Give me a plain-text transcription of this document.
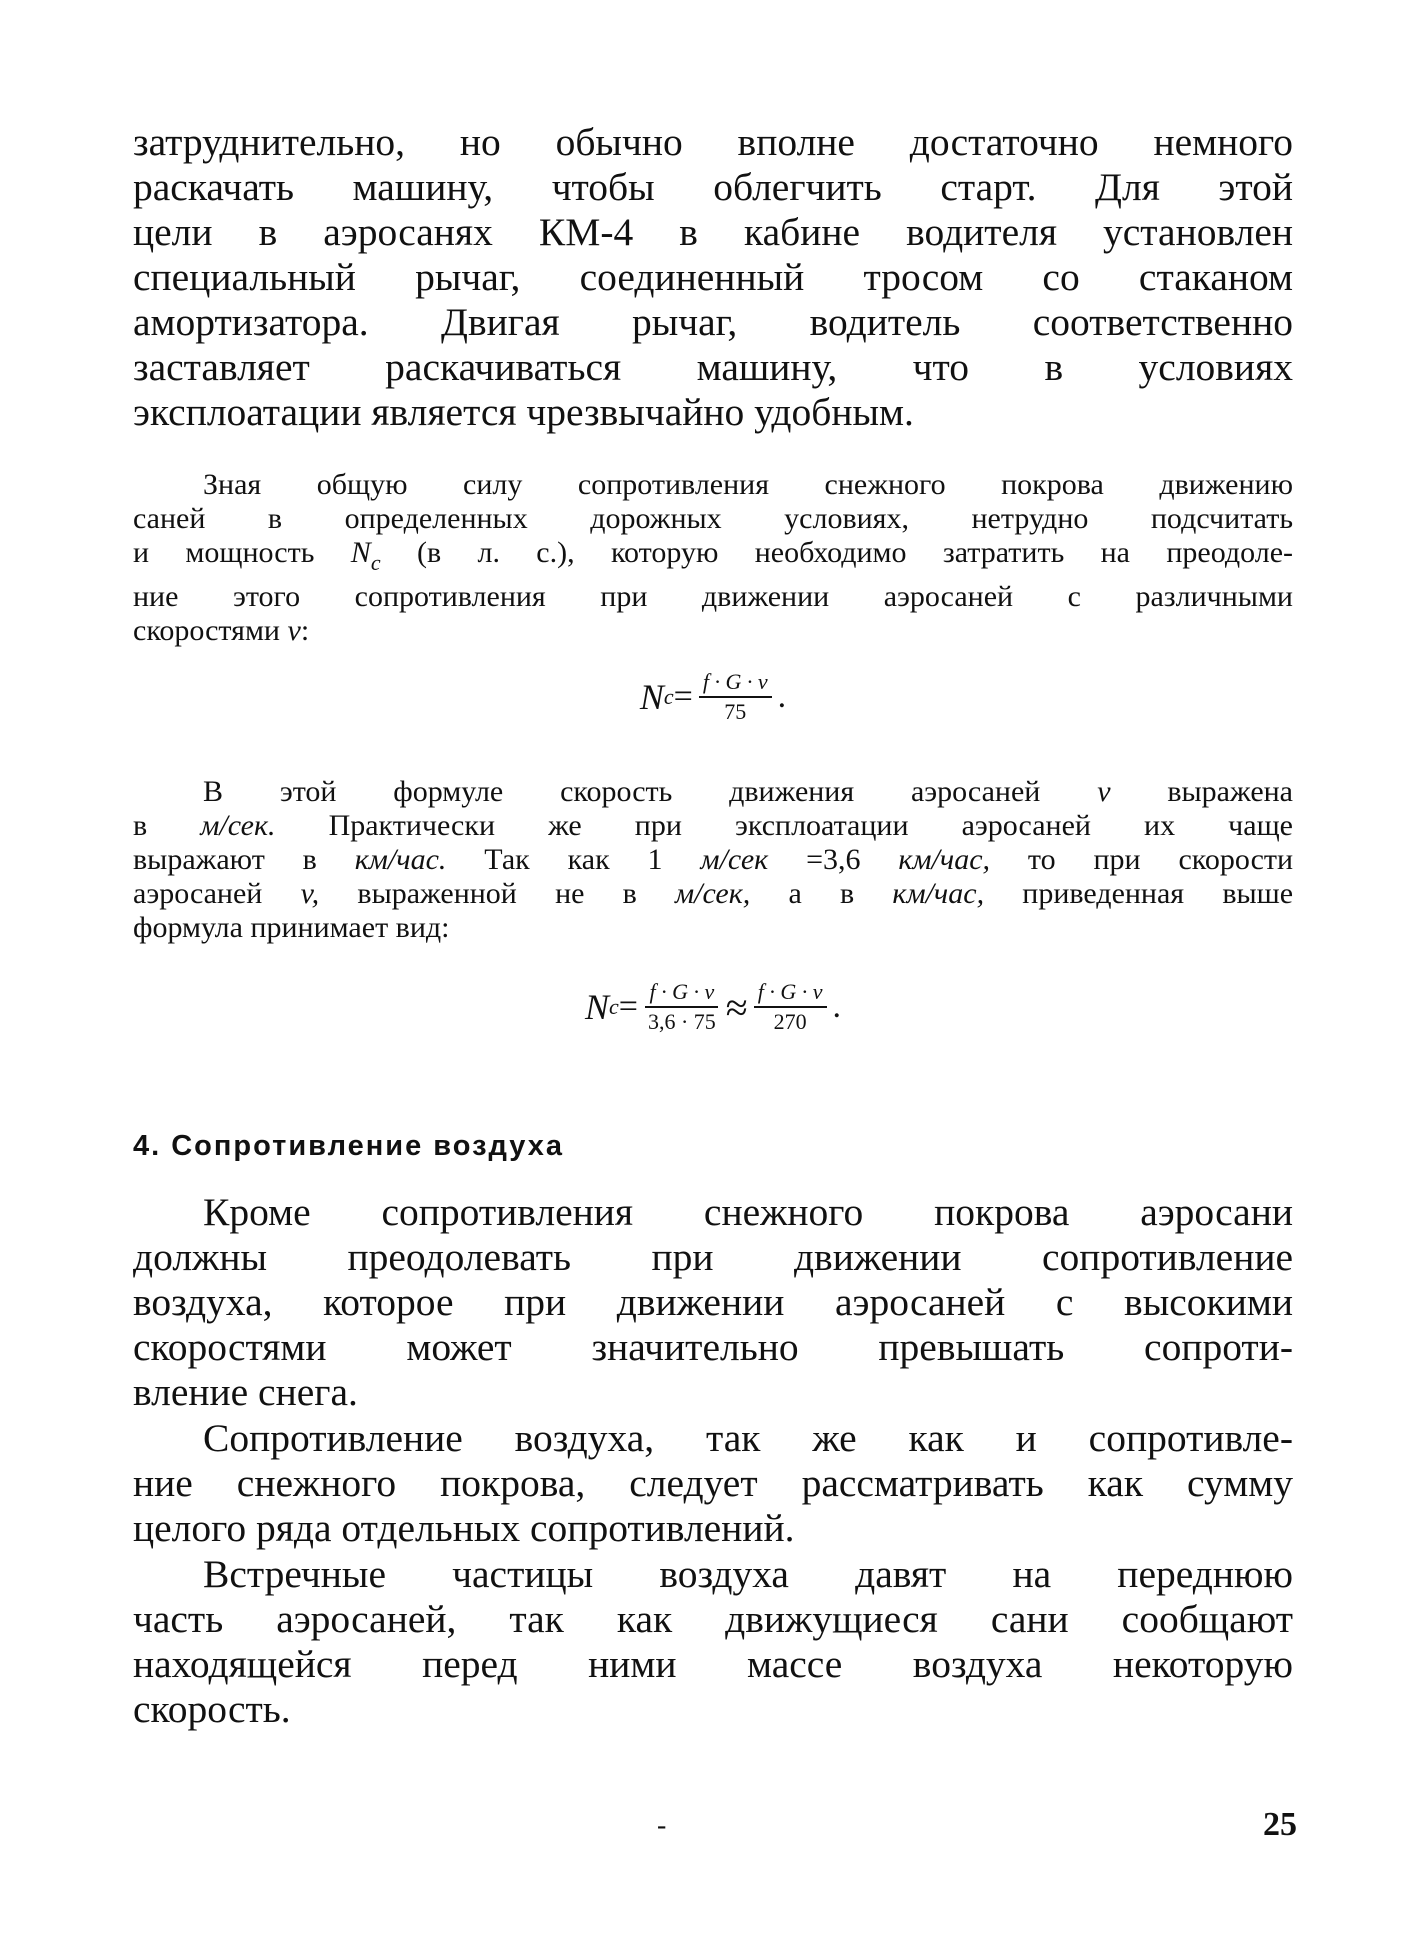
затруднительно, но обычно вполне достаточно немного
раскачать машину, чтобы облегчить старт. Для этой
цели в аэросанях КМ-4 в кабине водителя установлен
специальный рычаг, соединенный тросом со стаканом
амортизатора. Двигая рычаг, водитель соответственно
заставляет раскачиваться машину, что в условиях
эксплоатации является чрезвычайно удобным.
Зная общую силу сопротивления снежного покрова движению
саней в определенных дорожных условиях, нетрудно подсчитать
и мощность $N_c$ (в л. с.), которую необходимо затратить на преодоле-
ние этого сопротивления при движении аэросаней с различными
скоростями v:
N $c = \frac{f \cdot G \cdot v}{75}$ .
В этой формуле скорость движения аэросаней v выражена
в м/сек. Практически же при эксплоатации аэросаней их чаще
выражают в км/час. Так как 1 м/сек =3,6 км/час, то при скорости
аэросаней v, выраженной не в м/сек, а в км/час, приведенная выше
формула принимает вид:
N $c = \frac{f \cdot G \cdot v}{3,6 \cdot 75} \approx \frac{f \cdot G \cdot v}{270}$ .
4. Сопротивление воздуха
Кроме сопротивления снежного покрова аэросани
должны преодолевать при движении сопротивление
воздуха, которое при движении аэросаней с высокими
скоростями может значительно превышать сопроти-
вление снега.
Сопротивление воздуха, так же как и сопротивле-
ние снежного покрова, следует рассматривать как сумму
целого ряда отдельных сопротивлений.
Встречные частицы воздуха давят на переднюю
часть аэросаней, так как движущиеся сани сообщают
находящейся перед ними массе воздуха некоторую
скорость.
-	25
